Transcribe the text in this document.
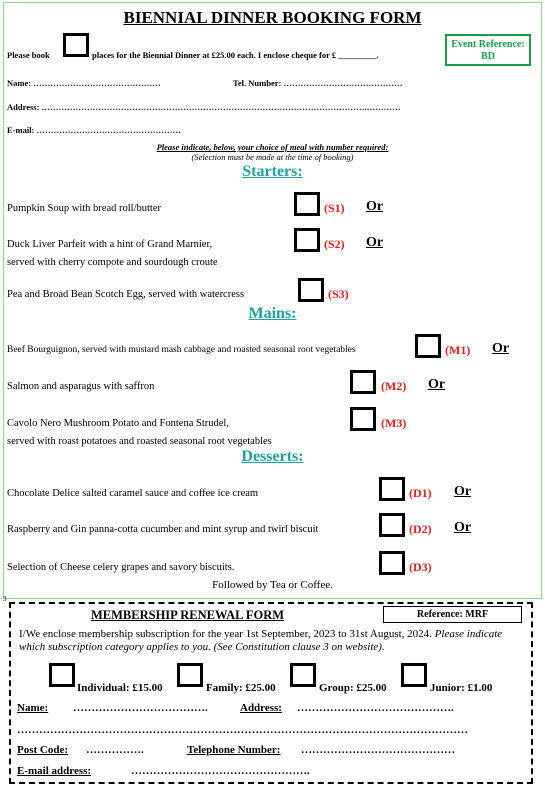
BIENNIAL DINNER BOOKING FORM
Event Reference:
BD
Please book	places for the Biennial Dinner at £25.00 each. I enclose cheque for £ _________.
Name: ………………………………………	Tel. Number: ……………………………………
Address: …………………………………………………………………………………………………….…………
E-mail: ……………………………………………
Please indicate, below, your choice of meal with number required:
(Selection must be made at the time of booking)
Starters:
Pumpkin Soup with bread roll/butter	(S1) Or
Duck Liver Parfeit with a hint of Grand Marnier,
served with cherry compote and sourdough croute
(S2) Or
Pea and Broad Bean Scotch Egg, served with watercress	(S3)
Mains:
Beef Bourguignon, served with mustard mash cabbage and roasted seasonal root vegetables	(M1) Or
Salmon and asparagus with saffron	(M2) Or
Cavolo Nero Mushroom Potato and Fontena Strudel,
served with roast potatoes and roasted seasonal root vegetables
(M3)
Desserts:
Chocolate Delice salted caramel sauce and coffee ice cream	(D1) Or
Raspberry and Gin panna-cotta cucumber and mint syrup and twirl biscuit	(D2) Or
Selection of Cheese celery grapes and savory biscuits.	(D3)
Followed by Tea or Coffee.
3
MEMBERSHIP RENEWAL FORM	Reference: MRF
I/We enclose membership subscription for the year 1st September, 2023 to 31st August, 2024. Please indicate which subscription category applies to you. (See Constitution clause 3 on website).
Individual: £15.00	Family: £25.00	Group: £25.00	Junior: £1.00
Name: ……………………………….	Address: …………………………………….
……………………………………………………………………………………………………………
Post Code: …………….	Telephone Number: ……………………………………
E-mail address:	………………………………………….
